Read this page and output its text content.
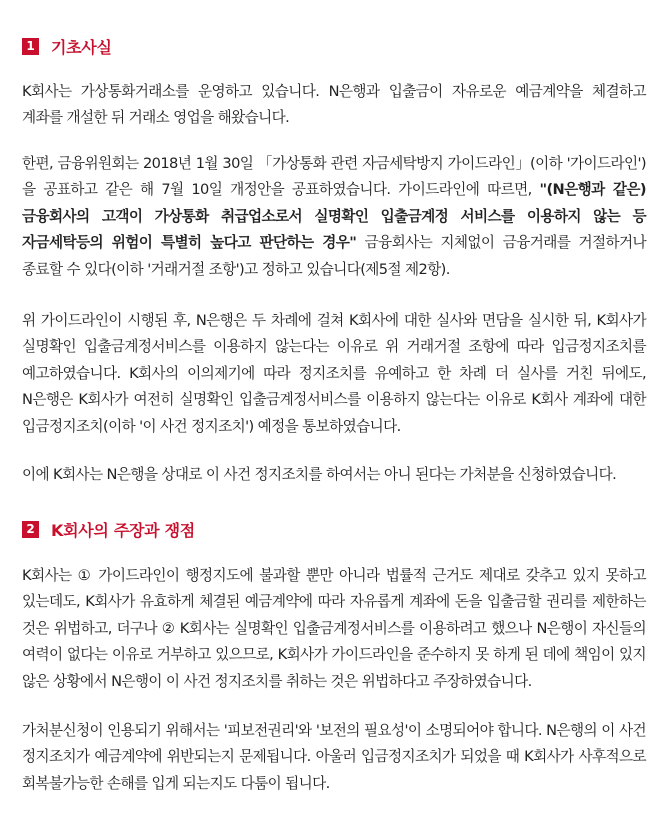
1 기초사실

K회사는 가상통화거래소를 운영하고 있습니다. N은행과 입출금이 자유로운 예금계약을 체결하고 계좌를 개설한 뒤 거래소 영업을 해왔습니다.

한편, 금융위원회는 2018년 1월 30일 「가상통화 관련 자금세탁방지 가이드라인」(이하 '가이드라인')을 공표하고 같은 해 7월 10일 개정안을 공표하였습니다. 가이드라인에 따르면, "(N은행과 같은) 금융회사의 고객이 가상통화 취급업소로서 실명확인 입출금계정 서비스를 이용하지 않는 등 자금세탁등의 위험이 특별히 높다고 판단하는 경우" 금융회사는 지체없이 금융거래를 거절하거나 종료할 수 있다(이하 '거래거절 조항')고 정하고 있습니다(제5절 제2항).

위 가이드라인이 시행된 후, N은행은 두 차례에 걸쳐 K회사에 대한 실사와 면담을 실시한 뒤, K회사가 실명확인 입출금계정서비스를 이용하지 않는다는 이유로 위 거래거절 조항에 따라 입금정지조치를 예고하였습니다. K회사의 이의제기에 따라 정지조치를 유예하고 한 차례 더 실사를 거친 뒤에도, N은행은 K회사가 여전히 실명확인 입출금계정서비스를 이용하지 않는다는 이유로 K회사 계좌에 대한 입금정지조치(이하 '이 사건 정지조치') 예정을 통보하였습니다.

이에 K회사는 N은행을 상대로 이 사건 정지조치를 하여서는 아니 된다는 가처분을 신청하였습니다.

2 K회사의 주장과 쟁점

K회사는 ① 가이드라인이 행정지도에 불과할 뿐만 아니라 법률적 근거도 제대로 갖추고 있지 못하고 있는데도, K회사가 유효하게 체결된 예금계약에 따라 자유롭게 계좌에 돈을 입출금할 권리를 제한하는 것은 위법하고, 더구나 ② K회사는 실명확인 입출금계정서비스를 이용하려고 했으나 N은행이 자신들의 여력이 없다는 이유로 거부하고 있으므로, K회사가 가이드라인을 준수하지 못 하게 된 데에 책임이 있지 않은 상황에서 N은행이 이 사건 정지조치를 취하는 것은 위법하다고 주장하였습니다.

가처분신청이 인용되기 위해서는 '피보전권리'와 '보전의 필요성'이 소명되어야 합니다. N은행의 이 사건 정지조치가 예금계약에 위반되는지 문제됩니다. 아울러 입금정지조치가 되었을 때 K회사가 사후적으로 회복불가능한 손해를 입게 되는지도 다툼이 됩니다.
